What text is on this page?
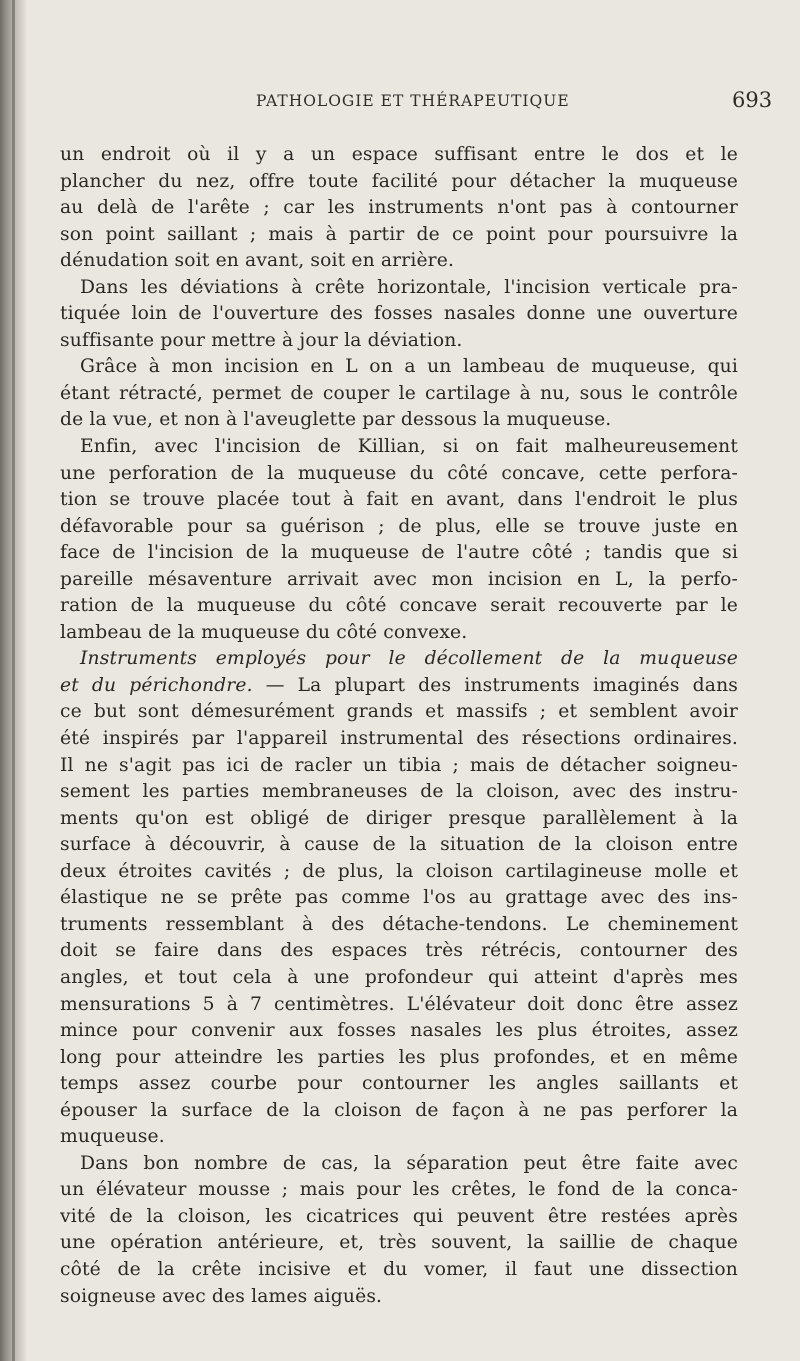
PATHOLOGIE ET THÉRAPEUTIQUE	693
un endroit où il y a un espace suffisant entre le dos et le
plancher du nez, offre toute facilité pour détacher la muqueuse
au delà de l'arête ; car les instruments n'ont pas à contourner
son point saillant ; mais à partir de ce point pour poursuivre la
dénudation soit en avant, soit en arrière.
Dans les déviations à crête horizontale, l'incision verticale pra-
tiquée loin de l'ouverture des fosses nasales donne une ouverture
suffisante pour mettre à jour la déviation.
Grâce à mon incision en L on a un lambeau de muqueuse, qui
étant rétracté, permet de couper le cartilage à nu, sous le contrôle
de la vue, et non à l'aveuglette par dessous la muqueuse.
Enfin, avec l'incision de Killian, si on fait malheureusement
une perforation de la muqueuse du côté concave, cette perfora-
tion se trouve placée tout à fait en avant, dans l'endroit le plus
défavorable pour sa guérison ; de plus, elle se trouve juste en
face de l'incision de la muqueuse de l'autre côté ; tandis que si
pareille mésaventure arrivait avec mon incision en L, la perfo-
ration de la muqueuse du côté concave serait recouverte par le
lambeau de la muqueuse du côté convexe.
Instruments employés pour le décollement de la muqueuse
et du périchondre. — La plupart des instruments imaginés dans
ce but sont démesurément grands et massifs ; et semblent avoir
été inspirés par l'appareil instrumental des résections ordinaires.
Il ne s'agit pas ici de racler un tibia ; mais de détacher soigneu-
sement les parties membraneuses de la cloison, avec des instru-
ments qu'on est obligé de diriger presque parallèlement à la
surface à découvrir, à cause de la situation de la cloison entre
deux étroites cavités ; de plus, la cloison cartilagineuse molle et
élastique ne se prête pas comme l'os au grattage avec des ins-
truments ressemblant à des détache-tendons. Le cheminement
doit se faire dans des espaces très rétrécis, contourner des
angles, et tout cela à une profondeur qui atteint d'après mes
mensurations 5 à 7 centimètres. L'élévateur doit donc être assez
mince pour convenir aux fosses nasales les plus étroites, assez
long pour atteindre les parties les plus profondes, et en même
temps assez courbe pour contourner les angles saillants et
épouser la surface de la cloison de façon à ne pas perforer la
muqueuse.
Dans bon nombre de cas, la séparation peut être faite avec
un élévateur mousse ; mais pour les crêtes, le fond de la conca-
vité de la cloison, les cicatrices qui peuvent être restées après
une opération antérieure, et, très souvent, la saillie de chaque
côté de la crête incisive et du vomer, il faut une dissection
soigneuse avec des lames aiguës.
